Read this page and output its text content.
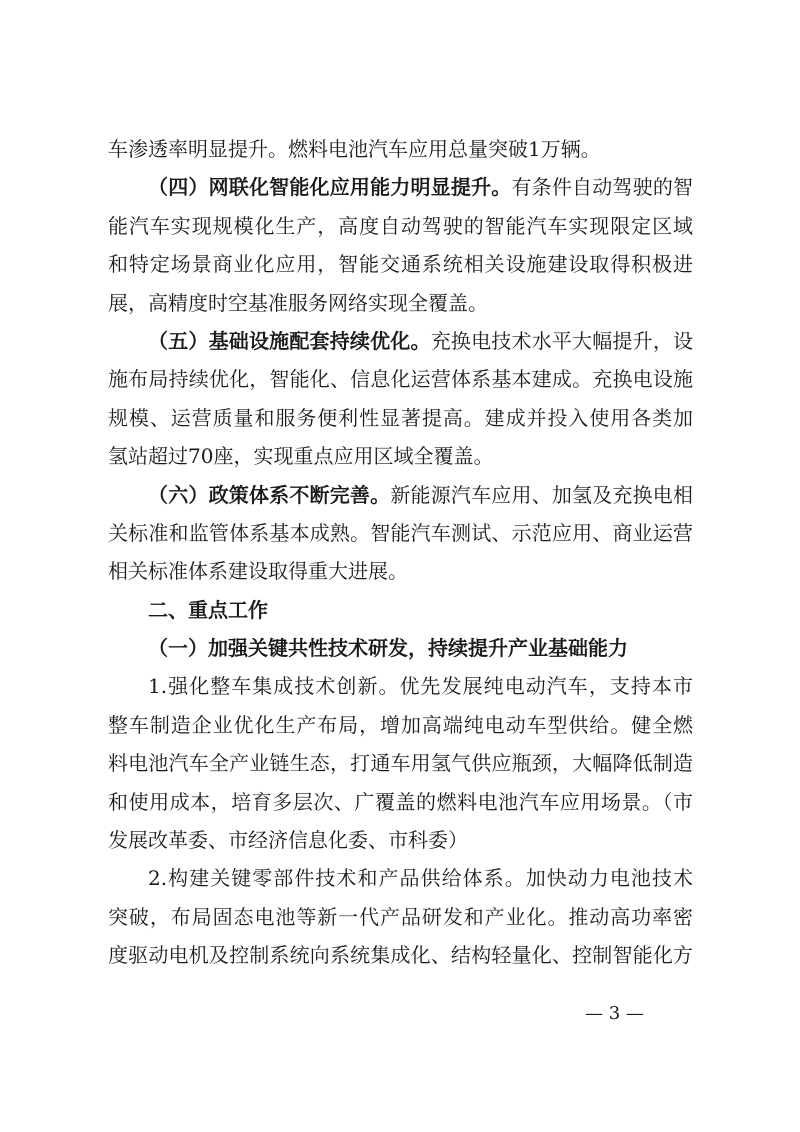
车渗透率明显提升。燃料电池汽车应用总量突破1万辆。
（四）网联化智能化应用能力明显提升。有条件自动驾驶的智
能汽车实现规模化生产，高度自动驾驶的智能汽车实现限定区域
和特定场景商业化应用，智能交通系统相关设施建设取得积极进
展，高精度时空基准服务网络实现全覆盖。
（五）基础设施配套持续优化。充换电技术水平大幅提升，设
施布局持续优化，智能化、信息化运营体系基本建成。充换电设施
规模、运营质量和服务便利性显著提高。建成并投入使用各类加
氢站超过70座，实现重点应用区域全覆盖。
（六）政策体系不断完善。新能源汽车应用、加氢及充换电相
关标准和监管体系基本成熟。智能汽车测试、示范应用、商业运营
相关标准体系建设取得重大进展。
二、重点工作
（一）加强关键共性技术研发，持续提升产业基础能力
1.强化整车集成技术创新。优先发展纯电动汽车，支持本市
整车制造企业优化生产布局，增加高端纯电动车型供给。健全燃
料电池汽车全产业链生态，打通车用氢气供应瓶颈，大幅降低制造
和使用成本，培育多层次、广覆盖的燃料电池汽车应用场景。（市
发展改革委、市经济信息化委、市科委）
2.构建关键零部件技术和产品供给体系。加快动力电池技术
突破，布局固态电池等新一代产品研发和产业化。推动高功率密
度驱动电机及控制系统向系统集成化、结构轻量化、控制智能化方
— 3 —
